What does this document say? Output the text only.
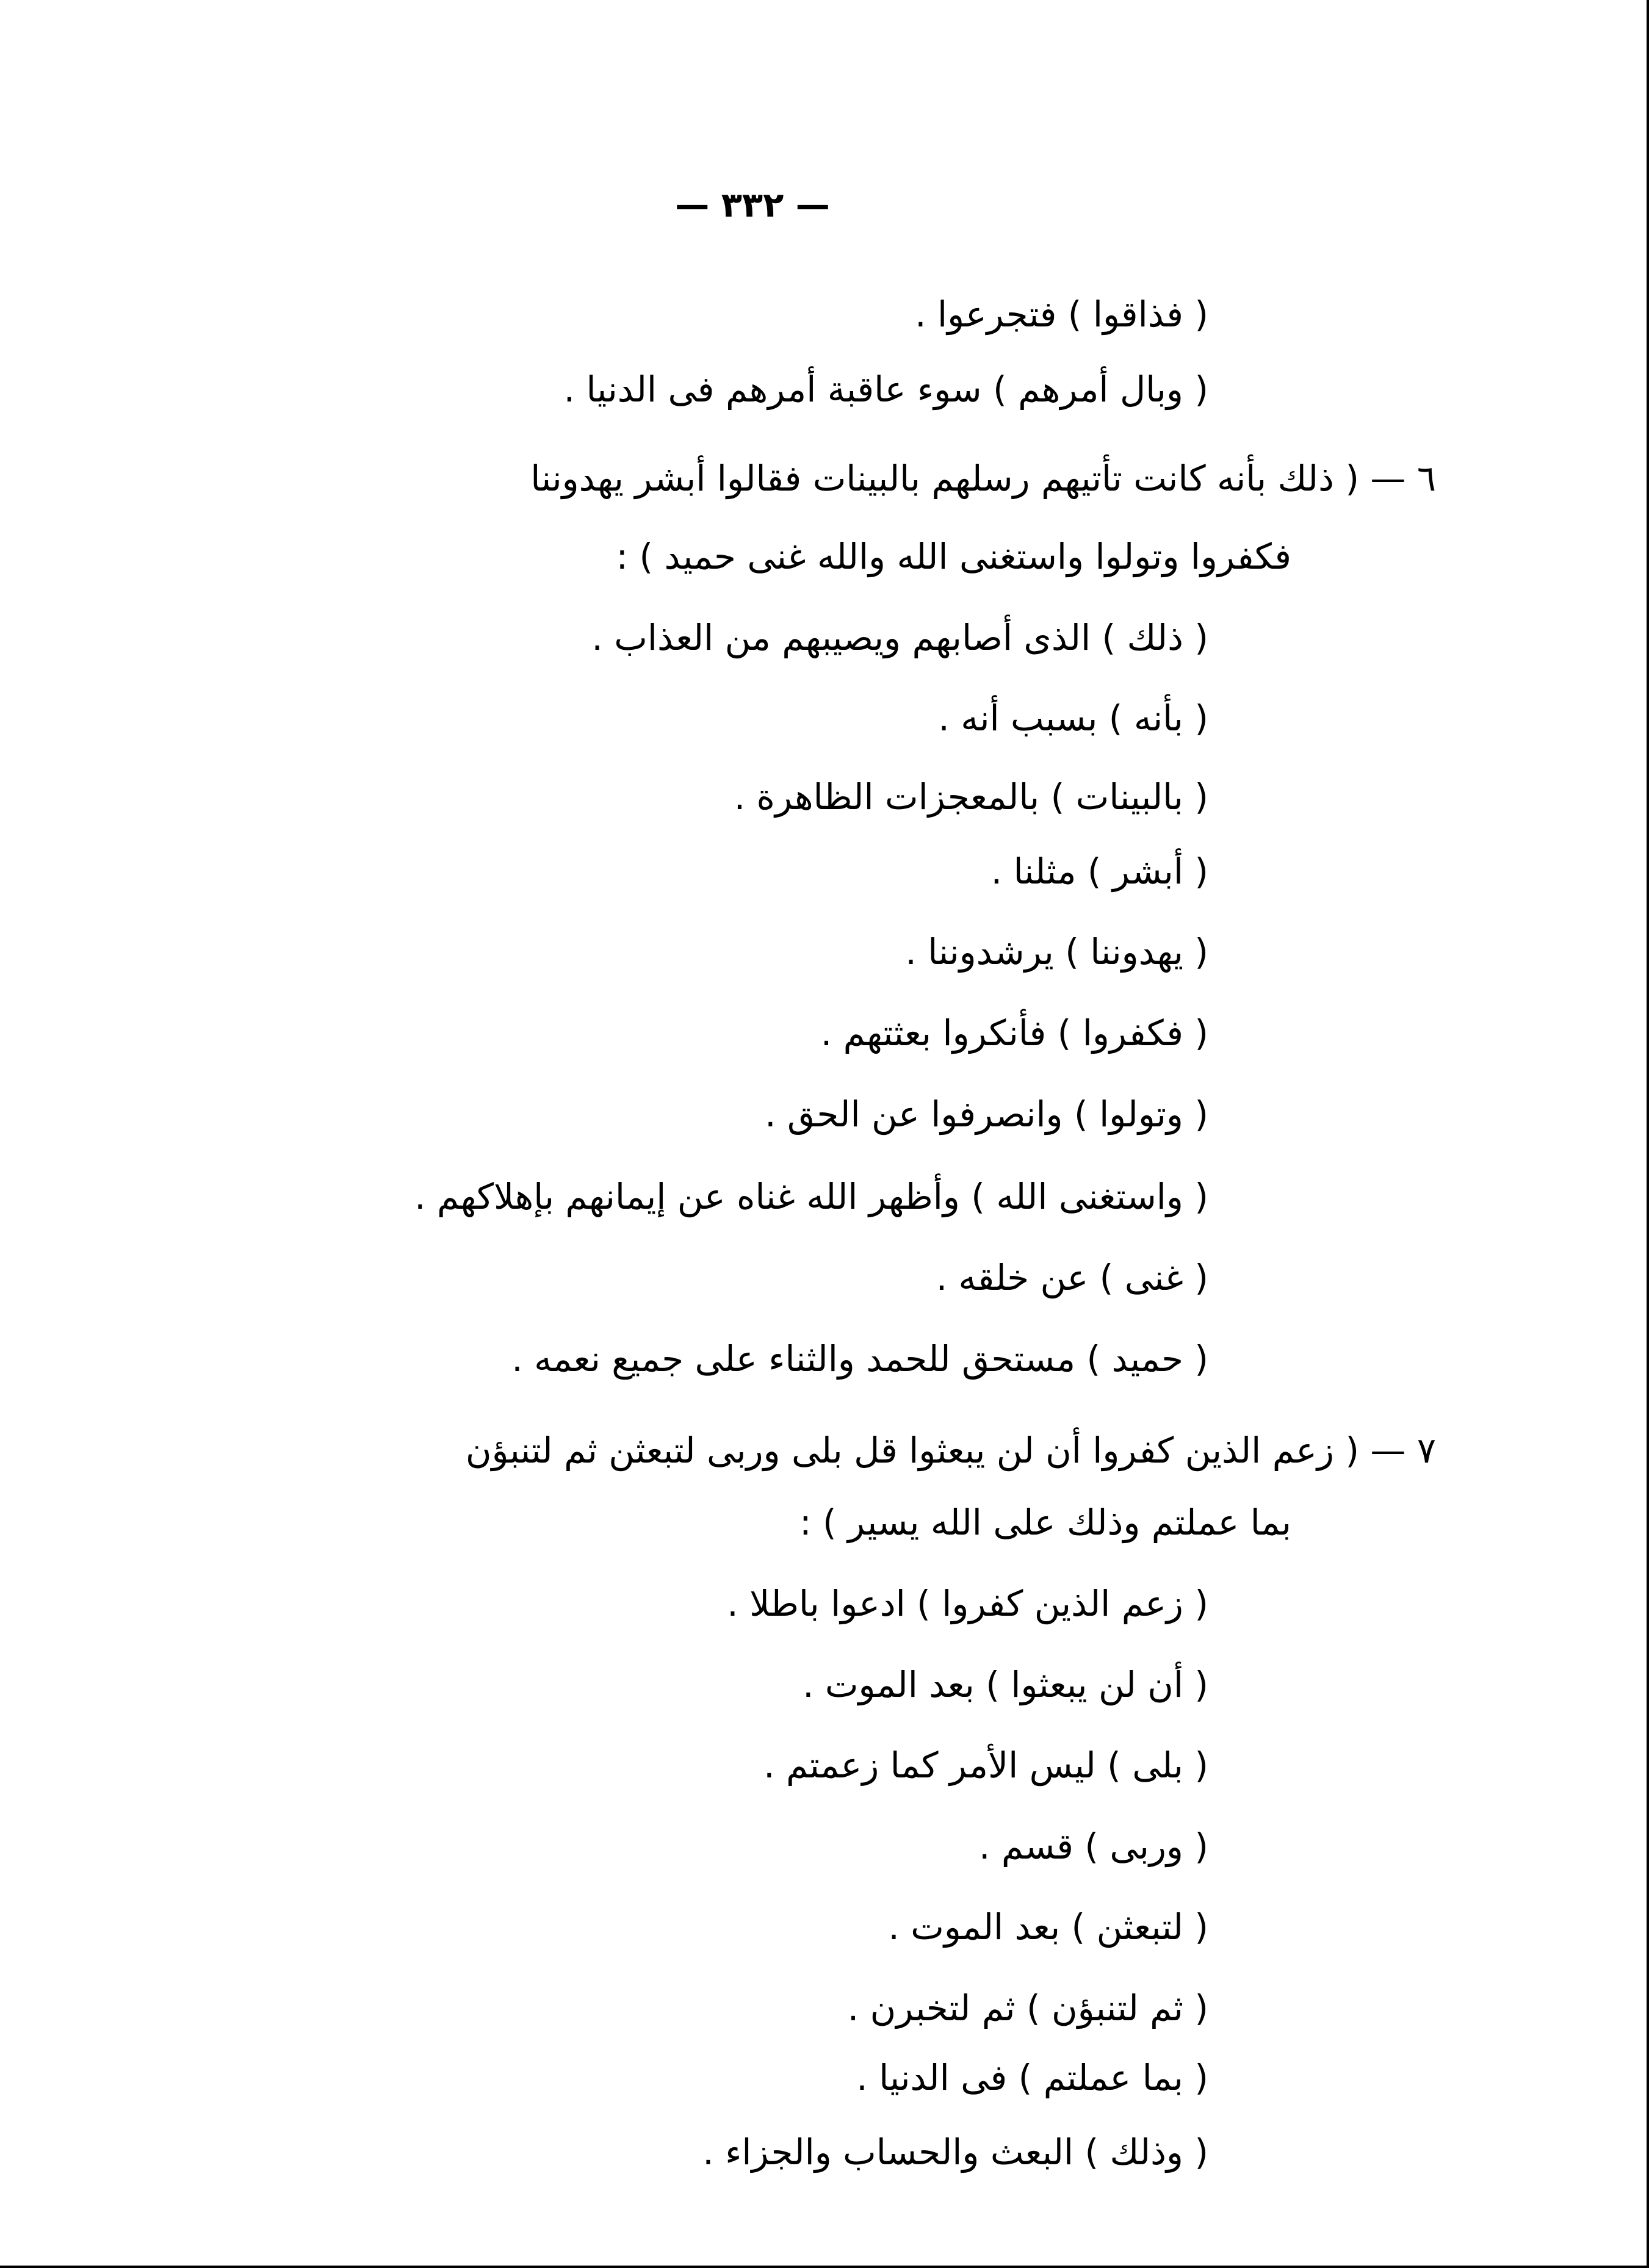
— ٣٣٢ —
( فذاقوا ) فتجرعوا .
( وبال أمرهم ) سوء عاقبة أمرهم فى الدنيا .
٦ — ( ذلك بأنه كانت تأتيهم رسلهم بالبينات فقالوا أبشر يهدوننا
فكفروا وتولوا واستغنى الله والله غنى حميد ) :
( ذلك ) الذى أصابهم ويصيبهم من العذاب .
( بأنه ) بسبب أنه .
( بالبينات ) بالمعجزات الظاهرة .
( أبشر ) مثلنا .
( يهدوننا ) يرشدوننا .
( فكفروا ) فأنكروا بعثتهم .
( وتولوا ) وانصرفوا عن الحق .
( واستغنى الله ) وأظهر الله غناه عن إيمانهم بإهلاكهم .
( غنى ) عن خلقه .
( حميد ) مستحق للحمد والثناء على جميع نعمه .
٧ — ( زعم الذين كفروا أن لن يبعثوا قل بلى وربى لتبعثن ثم لتنبؤن
بما عملتم وذلك على الله يسير ) :
( زعم الذين كفروا ) ادعوا باطلا .
( أن لن يبعثوا ) بعد الموت .
( بلى ) ليس الأمر كما زعمتم .
( وربى ) قسم .
( لتبعثن ) بعد الموت .
( ثم لتنبؤن ) ثم لتخبرن .
( بما عملتم ) فى الدنيا .
( وذلك ) البعث والحساب والجزاء .
